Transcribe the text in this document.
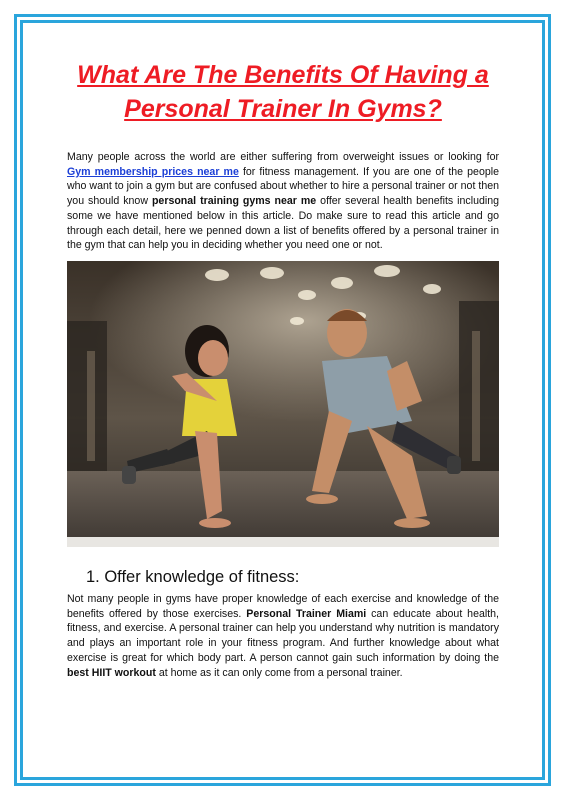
What Are The Benefits Of Having a Personal Trainer In Gyms?

Many people across the world are either suffering from overweight issues or looking for Gym membership prices near me for fitness management. If you are one of the people who want to join a gym but are confused about whether to hire a personal trainer or not then you should know personal training gyms near me offer several health benefits including some we have mentioned below in this article. Do make sure to read this article and go through each detail, here we penned down a list of benefits offered by a personal trainer in the gym that can help you in deciding whether you need one or not.

1. Offer knowledge of fitness:

Not many people in gyms have proper knowledge of each exercise and knowledge of the benefits offered by those exercises. Personal Trainer Miami can educate about health, fitness, and exercise. A personal trainer can help you understand why nutrition is mandatory and plays an important role in your fitness program. And further knowledge about what exercise is great for which body part. A person cannot gain such information by doing the best HIIT workout at home as it can only come from a personal trainer.
